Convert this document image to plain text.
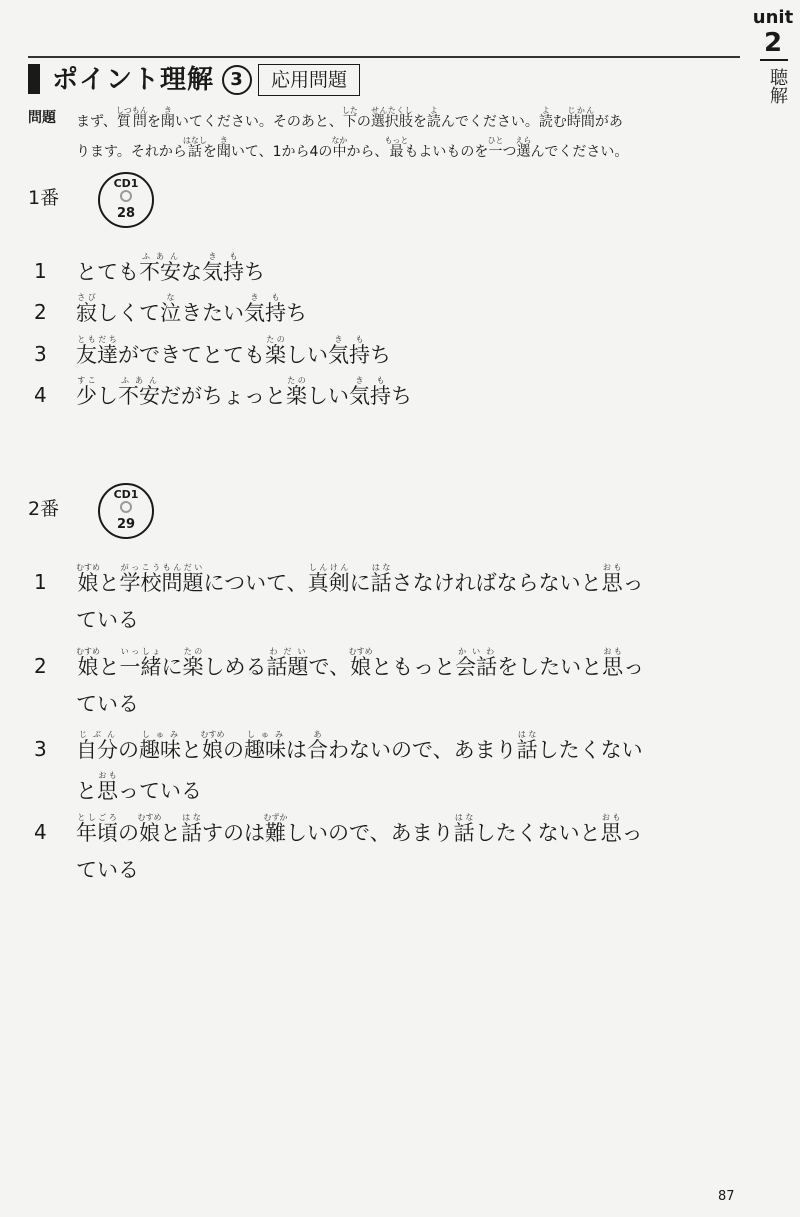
ポイント理解 3	応用問題
unit
2
聴解
問題 まず、質問しつもんを聞きいてください。そのあと、下したの選択肢せんたくしを読よんでください。読よむ時間じかんがあ
ります。それから話はなしを聞きいて、1から4の中なかから、最もっともよいものを一ひとつ選えらんでください。
1番
CD1
28
1 とても不安ふあんな気持きもち
2 寂さびしくて泣なきたい気持きもち
3 友達ともだちができてとても楽たのしい気持きもち
4 少すこし不安ふあんだがちょっと楽たのしい気持きもち
2番
CD1
29
1 娘むすめと学校問題がっこうもんだいについて、真剣しんけんに話はなさなければならないと思おもっ
ている
2 娘むすめと一緒いっしょに楽たのしめる話題わだいで、娘むすめともっと会話かいわをしたいと思おもっ
ている
3 自分じぶんの趣味しゅみと娘むすめの趣味しゅみは合あわないので、あまり話はなしたくない
と思おもっている
4 年頃としごろの娘むすめと話はなすのは難むずかしいので、あまり話はなしたくないと思おもっ
ている
87
